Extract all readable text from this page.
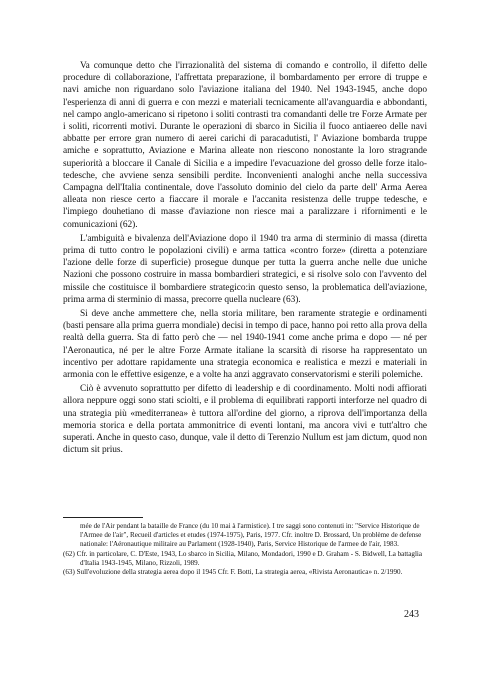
Va comunque detto che l'irrazionalità del sistema di comando e controllo, il difetto delle procedure di collaborazione, l'affrettata preparazione, il bombardamento per errore di truppe e navi amiche non riguardano solo l'aviazione italiana del 1940. Nel 1943-1945, anche dopo l'esperienza di anni di guerra e con mezzi e materiali tecnicamente all'avanguardia e abbondanti, nel campo anglo-americano si ripetono i soliti contrasti tra comandanti delle tre Forze Armate per i soliti, ricorrenti motivi. Durante le operazioni di sbarco in Sicilia il fuoco antiaereo delle navi abbatte per errore gran numero di aerei carichi di paracadutisti, l' Aviazione bombarda truppe amiche e soprattutto, Aviazione e Marina alleate non riescono nonostante la loro stragrande superiorità a bloccare il Canale di Sicilia e a impedire l'evacuazione del grosso delle forze italo-tedesche, che avviene senza sensibili perdite. Inconvenienti analoghi anche nella successiva Campagna dell'Italia continentale, dove l'assoluto dominio del cielo da parte dell' Arma Aerea alleata non riesce certo a fiaccare il morale e l'accanita resistenza delle truppe tedesche, e l'impiego douhetiano di masse d'aviazione non riesce mai a paralizzare i rifornimenti e le comunicazioni (62).

L'ambiguità e bivalenza dell'Aviazione dopo il 1940 tra arma di sterminio di massa (diretta prima di tutto contro le popolazioni civili) e arma tattica «contro forze» (diretta a potenziare l'azione delle forze di superficie) prosegue dunque per tutta la guerra anche nelle due uniche Nazioni che possono costruire in massa bombardieri strategici, e si risolve solo con l'avvento del missile che costituisce il bombardiere strategico:in questo senso, la problematica dell'aviazione, prima arma di sterminio di massa, precorre quella nucleare (63).

Si deve anche ammettere che, nella storia militare, ben raramente strategie e ordinamenti (basti pensare alla prima guerra mondiale) decisi in tempo di pace, hanno poi retto alla prova della realtà della guerra. Sta di fatto però che — nel 1940-1941 come anche prima e dopo — né per l'Aeronautica, né per le altre Forze Armate italiane la scarsità di risorse ha rappresentato un incentivo per adottare rapidamente una strategia economica e realistica e mezzi e materiali in armonia con le effettive esigenze, e a volte ha anzi aggravato conservatorismi e sterili polemiche.

Ciò è avvenuto soprattutto per difetto di leadership e di coordinamento. Molti nodi affiorati allora neppure oggi sono stati sciolti, e il problema di equilibrati rapporti interforze nel quadro di una strategia più «mediterranea» è tuttora all'ordine del giorno, a riprova dell'importanza della memoria storica e della portata ammonitrice di eventi lontani, ma ancora vivi e tutt'altro che superati. Anche in questo caso, dunque, vale il detto di Terenzio Nullum est jam dictum, quod non dictum sit prius.

mée de l'Air pendant la bataille de France (du 10 mai à l'armistice). I tre saggi sono contenuti in: "Service Historique de l'Armee de l'air", Recueil d'articles et etudes (1974-1975), Paris, 1977. Cfr. inoltre D. Brossard, Un problème de defense nationale: l'Aéronautique militaire au Parlament (1928-1940), Paris, Service Historique de l'armee de l'air, 1983.

(62) Cfr. in particolare, C. D'Este, 1943, Lo sbarco in Sicilia, Milano, Mondadori, 1990 e D. Graham - S. Bidwell, La battaglia d'Italia 1943-1945, Milano, Rizzoli, 1989.

(63) Sull'evoluzione della strategia aerea dopo il 1945 Cfr. F. Botti, La strategia aerea, «Rivista Aeronautica» n. 2/1990.

243
